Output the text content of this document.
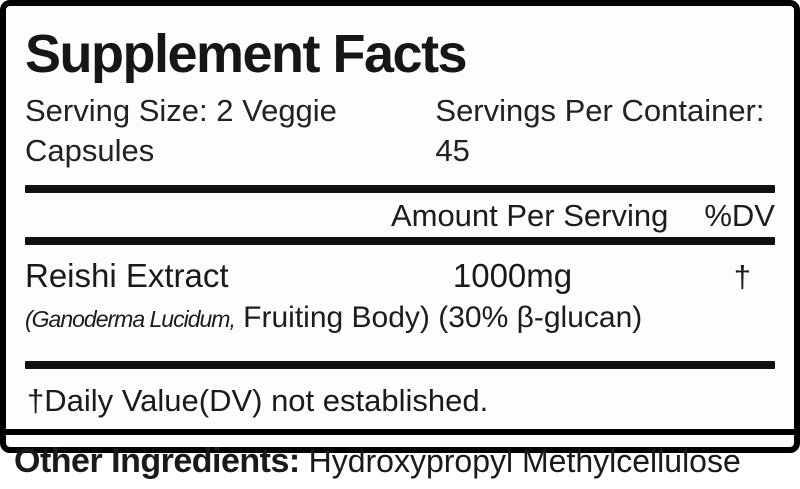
Supplement Facts
Serving Size: 2 Veggie Capsules
Servings Per Container: 45
Amount Per Serving %DV
Reishi Extract	1000mg	†
(Ganoderma Lucidum, Fruiting Body) (30% β-glucan)
†Daily Value(DV) not established.
Other Ingredients: Hydroxypropyl Methylcellulose
